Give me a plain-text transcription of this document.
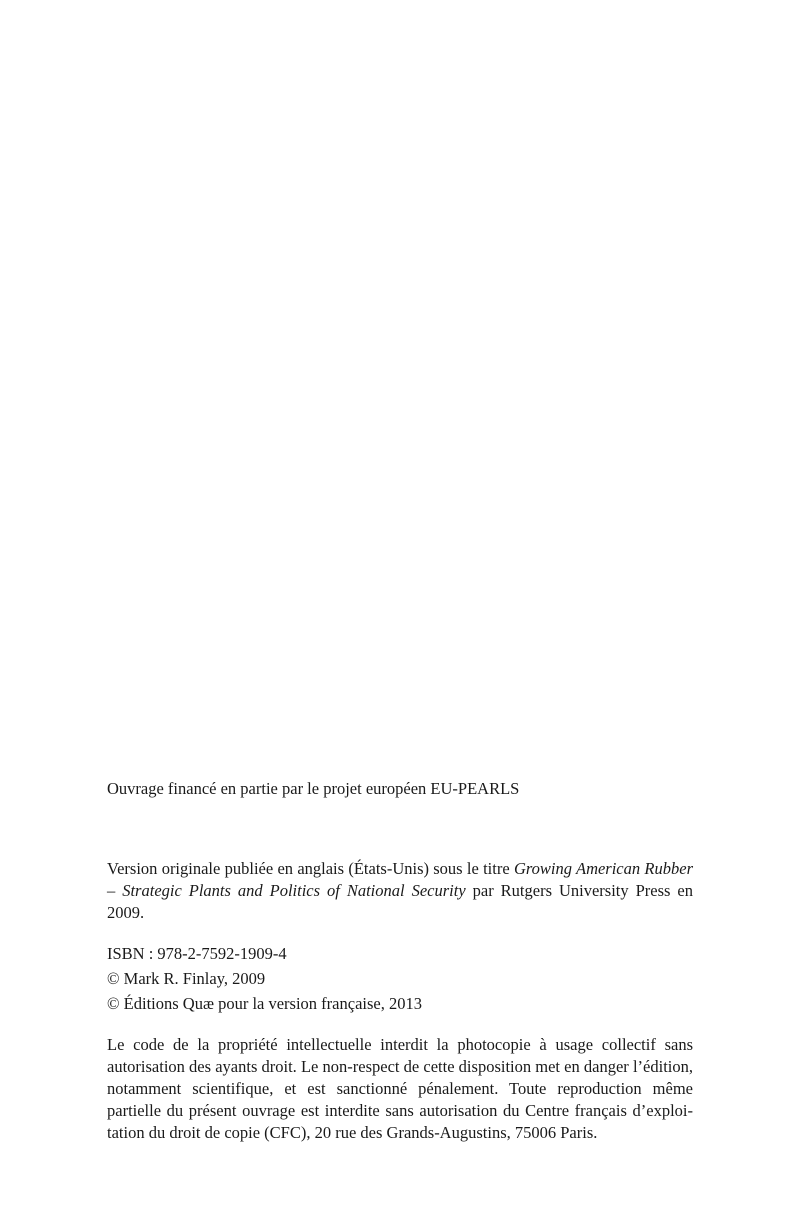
Ouvrage financé en partie par le projet européen EU-PEARLS

Version originale publiée en anglais (États-Unis) sous le titre Growing American Rubber – Strategic Plants and Politics of National Security par Rutgers University Press en 2009.

ISBN : 978-2-7592-1909-4
© Mark R. Finlay, 2009
© Éditions Quæ pour la version française, 2013

Le code de la propriété intellectuelle interdit la photocopie à usage collectif sans autorisation des ayants droit. Le non-respect de cette disposition met en danger l’édition, notamment scientifique, et est sanctionné pénalement. Toute reproduction même partielle du présent ouvrage est interdite sans autorisation du Centre français d’exploitation du droit de copie (CFC), 20 rue des Grands-Augustins, 75006 Paris.
